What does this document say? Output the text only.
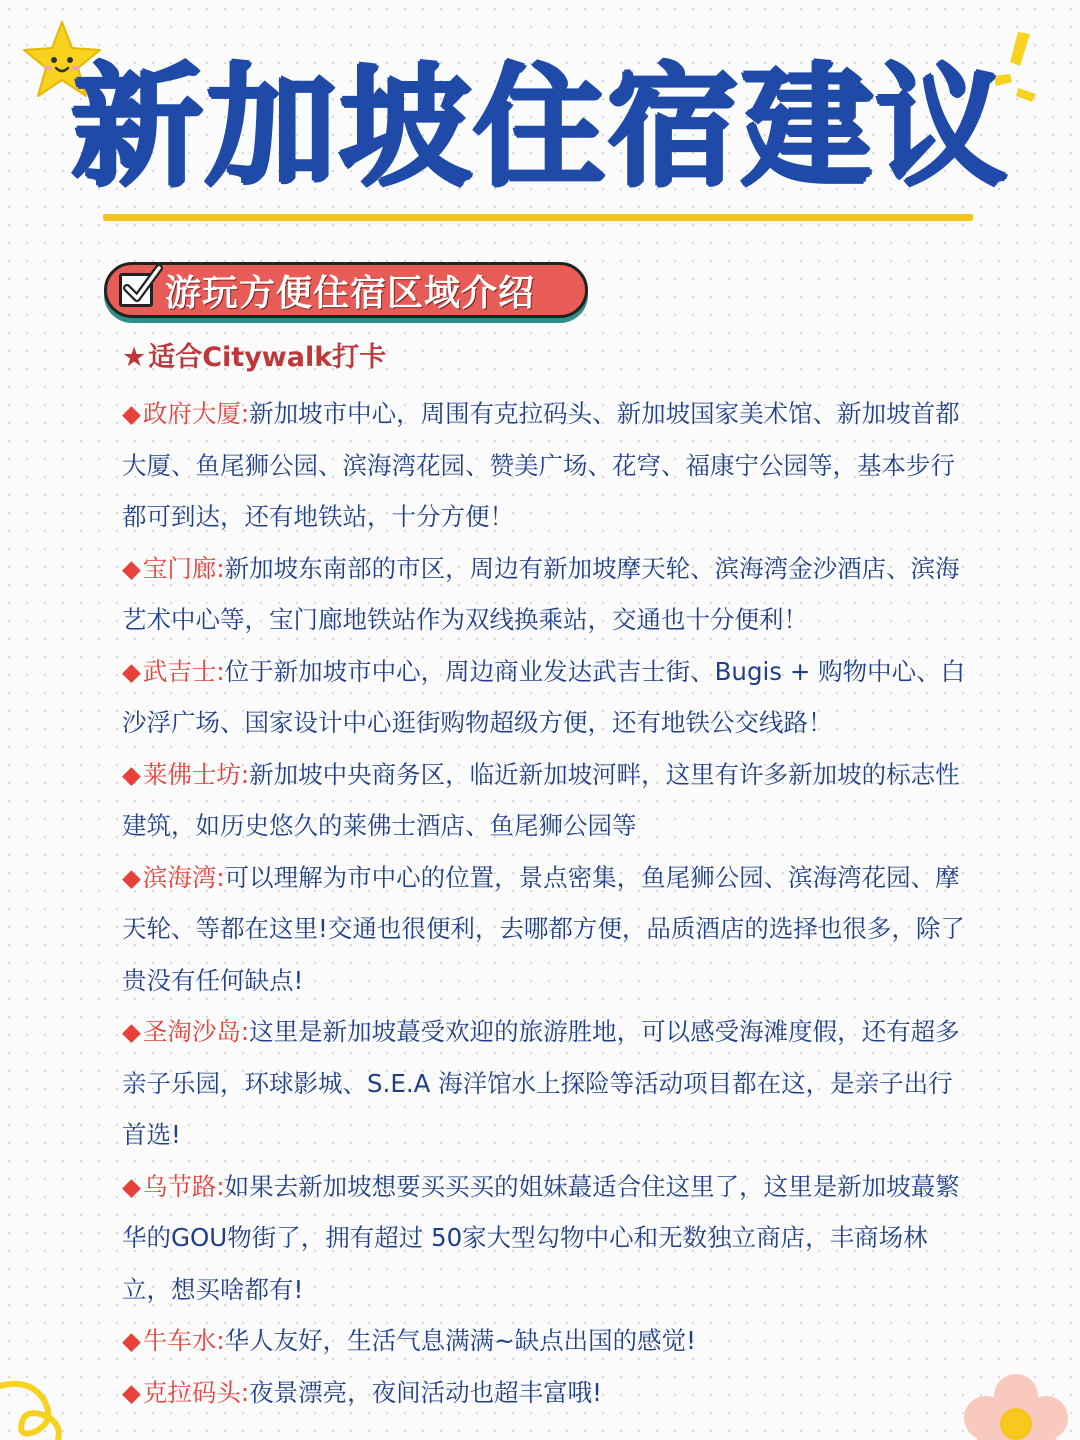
新加坡住宿建议
游玩方便住宿区域介绍
★适合Citywalk打卡

◆政府大厦:新加坡市中心，周围有克拉码头、新加坡国家美术馆、新加坡首都大厦、鱼尾狮公园、滨海湾花园、赞美广场、花穹、福康宁公园等，基本步行都可到达，还有地铁站，十分方便！

◆宝门廊:新加坡东南部的市区，周边有新加坡摩天轮、滨海湾金沙酒店、滨海艺术中心等，宝门廊地铁站作为双线换乘站，交通也十分便利！

◆武吉士:位于新加坡市中心，周边商业发达武吉士街、Bugis + 购物中心、白沙浮广场、国家设计中心逛街购物超级方便，还有地铁公交线路！

◆莱佛士坊:新加坡中央商务区，临近新加坡河畔，这里有许多新加坡的标志性建筑，如历史悠久的莱佛士酒店、鱼尾狮公园等

◆滨海湾:可以理解为市中心的位置，景点密集，鱼尾狮公园、滨海湾花园、摩天轮、等都在这里!交通也很便利，去哪都方便，品质酒店的选择也很多，除了贵没有任何缺点!

◆圣淘沙岛:这里是新加坡蕞受欢迎的旅游胜地，可以感受海滩度假，还有超多亲子乐园，环球影城、S.E.A 海洋馆水上探险等活动项目都在这，是亲子出行首选!

◆乌节路:如果去新加坡想要买买买的姐妹蕞适合住这里了，这里是新加坡蕞繁华的GOU物街了，拥有超过 50家大型勾物中心和无数独立商店，丰商场林立，想买啥都有!

◆牛车水:华人友好，生活气息满满~缺点出国的感觉!

◆克拉码头:夜景漂亮，夜间活动也超丰富哦!
